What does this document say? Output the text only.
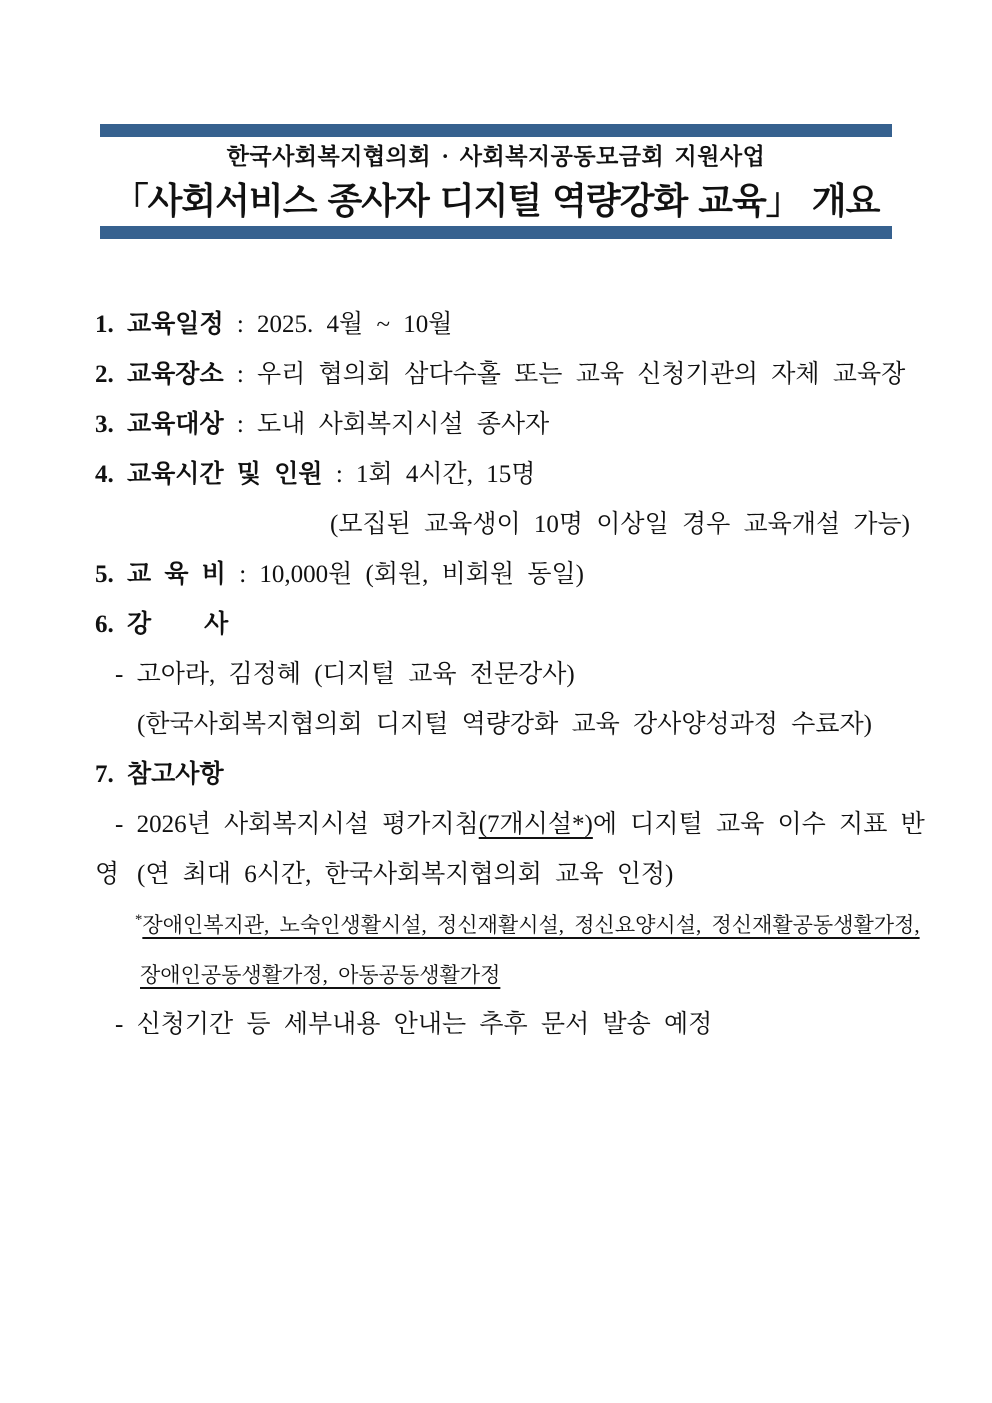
한국사회복지협의회 · 사회복지공동모금회 지원사업
「사회서비스 종사자 디지털 역량강화 교육」 개요
1. 교육일정 : 2025. 4월 ~ 10월
2. 교육장소 : 우리 협의회 삼다수홀 또는 교육 신청기관의 자체 교육장
3. 교육대상 : 도내 사회복지시설 종사자
4. 교육시간 및 인원 : 1회 4시간, 15명
(모집된 교육생이 10명 이상일 경우 교육개설 가능)
5. 교 육 비 : 10,000원 (회원, 비회원 동일)
6. 강    사
- 고아라, 김정혜 (디지털 교육 전문강사)
(한국사회복지협의회 디지털 역량강화 교육 강사양성과정 수료자)
7. 참고사항
- 2026년 사회복지시설 평가지침(7개시설*)에 디지털 교육 이수 지표 반영 (연 최대 6시간, 한국사회복지협의회 교육 인정)
*장애인복지관, 노숙인생활시설, 정신재활시설, 정신요양시설, 정신재활공동생활가정,
장애인공동생활가정, 아동공동생활가정
- 신청기간 등 세부내용 안내는 추후 문서 발송 예정
